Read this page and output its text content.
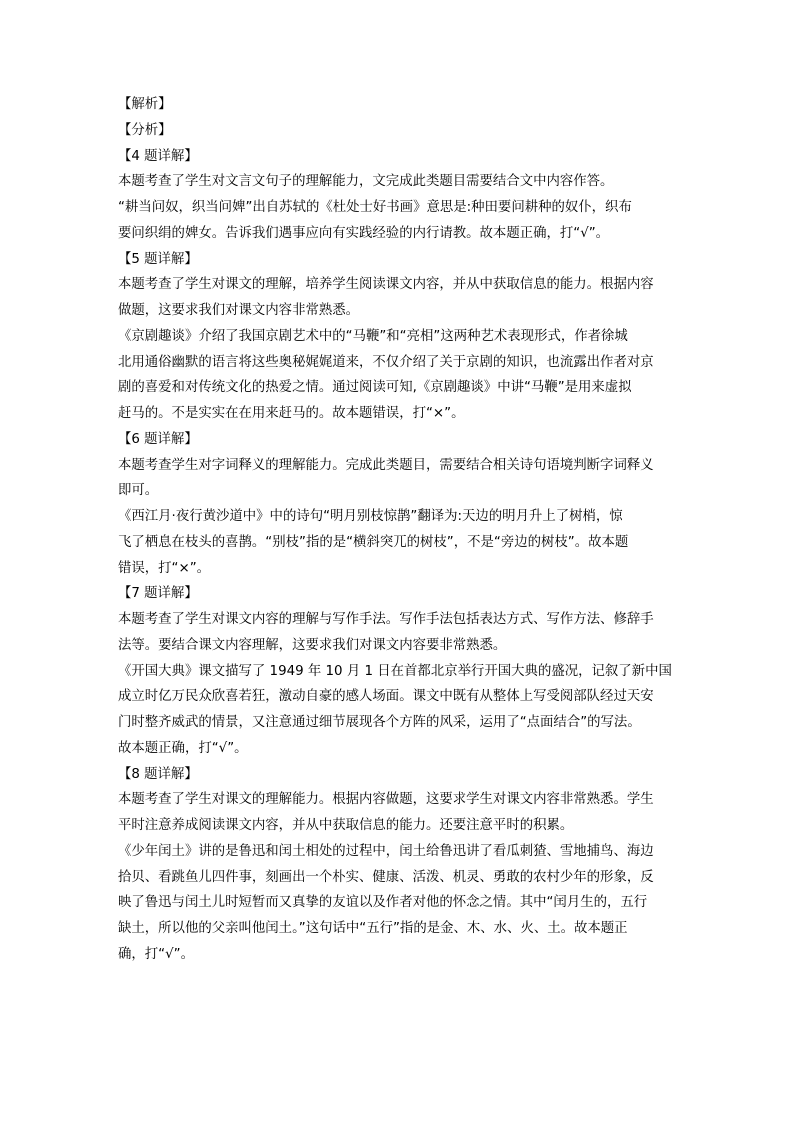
【解析】
【分析】
【4 题详解】
本题考查了学生对文言文句子的理解能力，文完成此类题目需要结合文中内容作答。
“耕当问奴，织当问婢”出自苏轼的《杜处士好书画》意思是:种田要问耕种的奴仆，织布
要问织绢的婢女。告诉我们遇事应向有实践经验的内行请教。故本题正确，打“√”。
【5 题详解】
本题考查了学生对课文的理解，培养学生阅读课文内容，并从中获取信息的能力。根据内容
做题，这要求我们对课文内容非常熟悉。
《京剧趣谈》介绍了我国京剧艺术中的“马鞭”和“亮相”这两种艺术表现形式，作者徐城
北用通俗幽默的语言将这些奥秘娓娓道来，不仅介绍了关于京剧的知识，也流露出作者对京
剧的喜爱和对传统文化的热爱之情。通过阅读可知,《京剧趣谈》中讲“马鞭”是用来虚拟
赶马的。不是实实在在用来赶马的。故本题错误，打“×”。
【6 题详解】
本题考查学生对字词释义的理解能力。完成此类题目，需要结合相关诗句语境判断字词释义
即可。
《西江月·夜行黄沙道中》中的诗句“明月别枝惊鹊”翻译为:天边的明月升上了树梢，惊
飞了栖息在枝头的喜鹊。“别枝”指的是“横斜突兀的树枝”，不是“旁边的树枝”。故本题
错误，打“×”。
【7 题详解】
本题考查了学生对课文内容的理解与写作手法。写作手法包括表达方式、写作方法、修辞手
法等。要结合课文内容理解，这要求我们对课文内容要非常熟悉。
《开国大典》课文描写了 1949 年 10 月 1 日在首都北京举行开国大典的盛况，记叙了新中国
成立时亿万民众欣喜若狂，激动自豪的感人场面。课文中既有从整体上写受阅部队经过天安
门时整齐威武的情景，又注意通过细节展现各个方阵的风采，运用了“点面结合”的写法。
故本题正确，打“√”。
【8 题详解】
本题考查了学生对课文的理解能力。根据内容做题，这要求学生对课文内容非常熟悉。学生
平时注意养成阅读课文内容，并从中获取信息的能力。还要注意平时的积累。
《少年闰土》讲的是鲁迅和闰土相处的过程中，闰土给鲁迅讲了看瓜刺猹、雪地捕鸟、海边
拾贝、看跳鱼儿四件事，刻画出一个朴实、健康、活泼、机灵、勇敢的农村少年的形象，反
映了鲁迅与闰土儿时短暂而又真挚的友谊以及作者对他的怀念之情。其中“闰月生的，五行
缺土，所以他的父亲叫他闰土。”这句话中“五行”指的是金、木、水、火、土。故本题正
确，打“√”。
